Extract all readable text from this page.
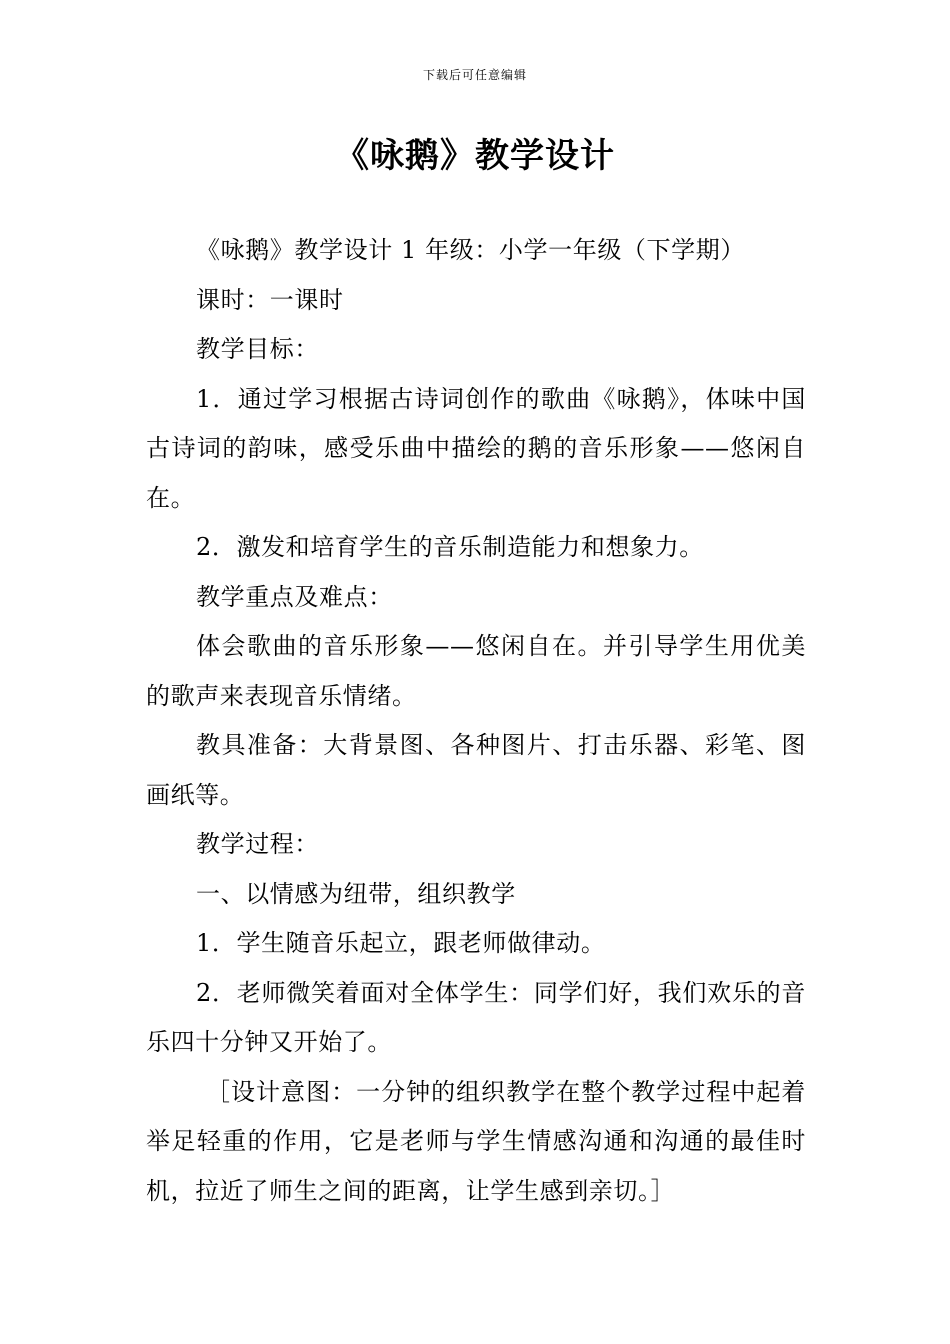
下载后可任意编辑
《咏鹅》教学设计

《咏鹅》教学设计 1 年级：小学一年级（下学期）

课时：一课时

教学目标：

1．通过学习根据古诗词创作的歌曲《咏鹅》，体味中国古诗词的韵味，感受乐曲中描绘的鹅的音乐形象——悠闲自在。

2．激发和培育学生的音乐制造能力和想象力。

教学重点及难点：

体会歌曲的音乐形象——悠闲自在。并引导学生用优美的歌声来表现音乐情绪。

教具准备：大背景图、各种图片、打击乐器、彩笔、图画纸等。

教学过程：

一、以情感为纽带，组织教学

1．学生随音乐起立，跟老师做律动。

2．老师微笑着面对全体学生：同学们好，我们欢乐的音乐四十分钟又开始了。

［设计意图：一分钟的组织教学在整个教学过程中起着举足轻重的作用，它是老师与学生情感沟通和沟通的最佳时机，拉近了师生之间的距离，让学生感到亲切。］
